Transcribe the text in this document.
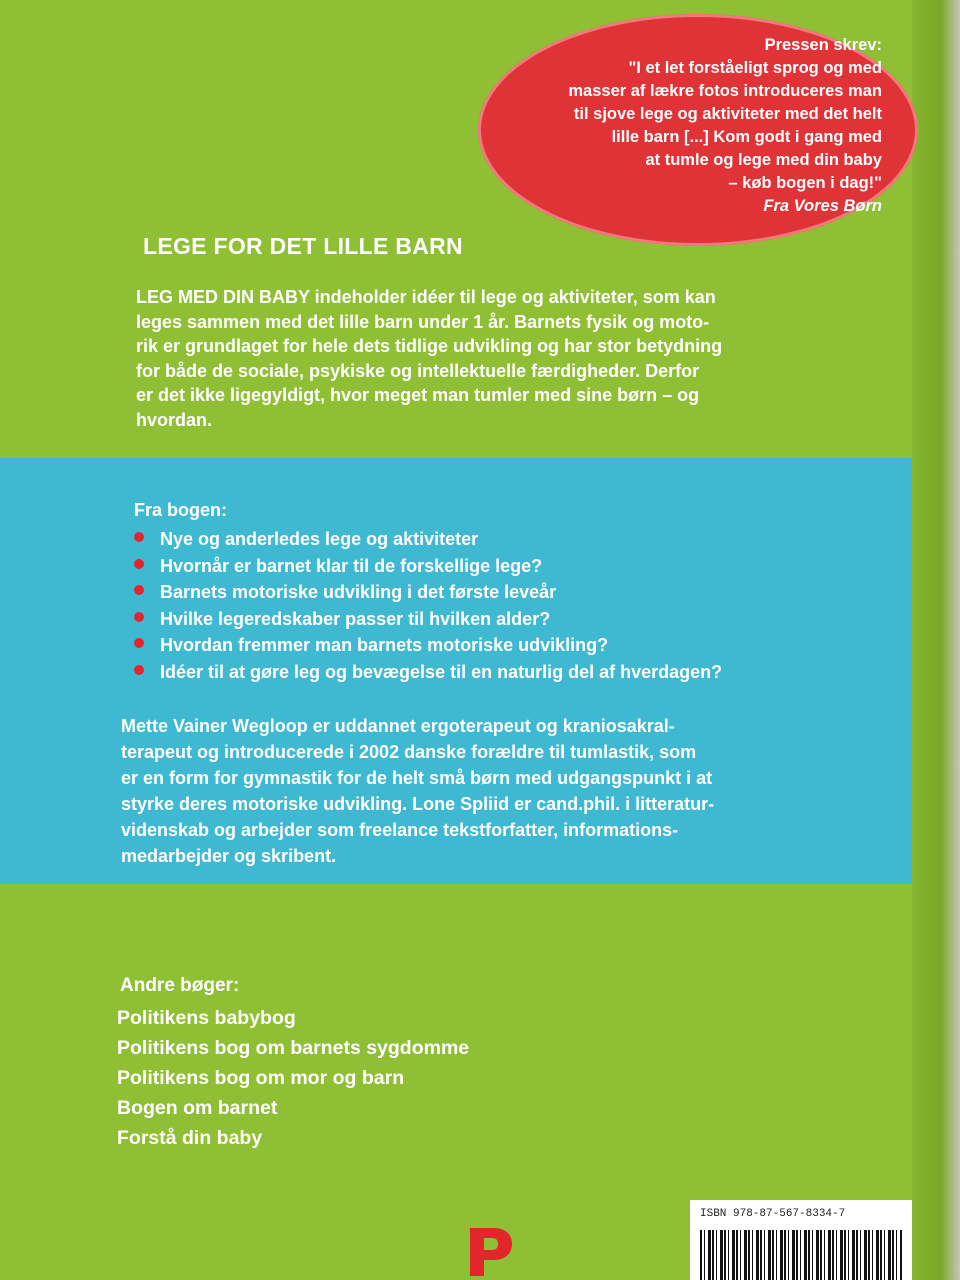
Pressen skrev:
"I et let forståeligt sprog og med
masser af lækre fotos introduceres man
til sjove lege og aktiviteter med det helt
lille barn [...] Kom godt i gang med
at tumle og lege med din baby
– køb bogen i dag!"
Fra Vores Børn
LEGE FOR DET LILLE BARN
LEG MED DIN BABY indeholder idéer til lege og aktiviteter, som kan
leges sammen med det lille barn under 1 år. Barnets fysik og moto-
rik er grundlaget for hele dets tidlige udvikling og har stor betydning
for både de sociale, psykiske og intellektuelle færdigheder. Derfor
er det ikke ligegyldigt, hvor meget man tumler med sine børn – og
hvordan.
Fra bogen:
Nye og anderledes lege og aktiviteter
Hvornår er barnet klar til de forskellige lege?
Barnets motoriske udvikling i det første leveår
Hvilke legeredskaber passer til hvilken alder?
Hvordan fremmer man barnets motoriske udvikling?
Idéer til at gøre leg og bevægelse til en naturlig del af hverdagen?
Mette Vainer Wegloop er uddannet ergoterapeut og kraniosakral-
terapeut og introducerede i 2002 danske forældre til tumlastik, som
er en form for gymnastik for de helt små børn med udgangspunkt i at
styrke deres motoriske udvikling. Lone Spliid er cand.phil. i litteratur-
videnskab og arbejder som freelance tekstforfatter, informations-
medarbejder og skribent.
Andre bøger:
Politikens babybog
Politikens bog om barnets sygdomme
Politikens bog om mor og barn
Bogen om barnet
Forstå din baby
ISBN 978-87-567-8334-7
